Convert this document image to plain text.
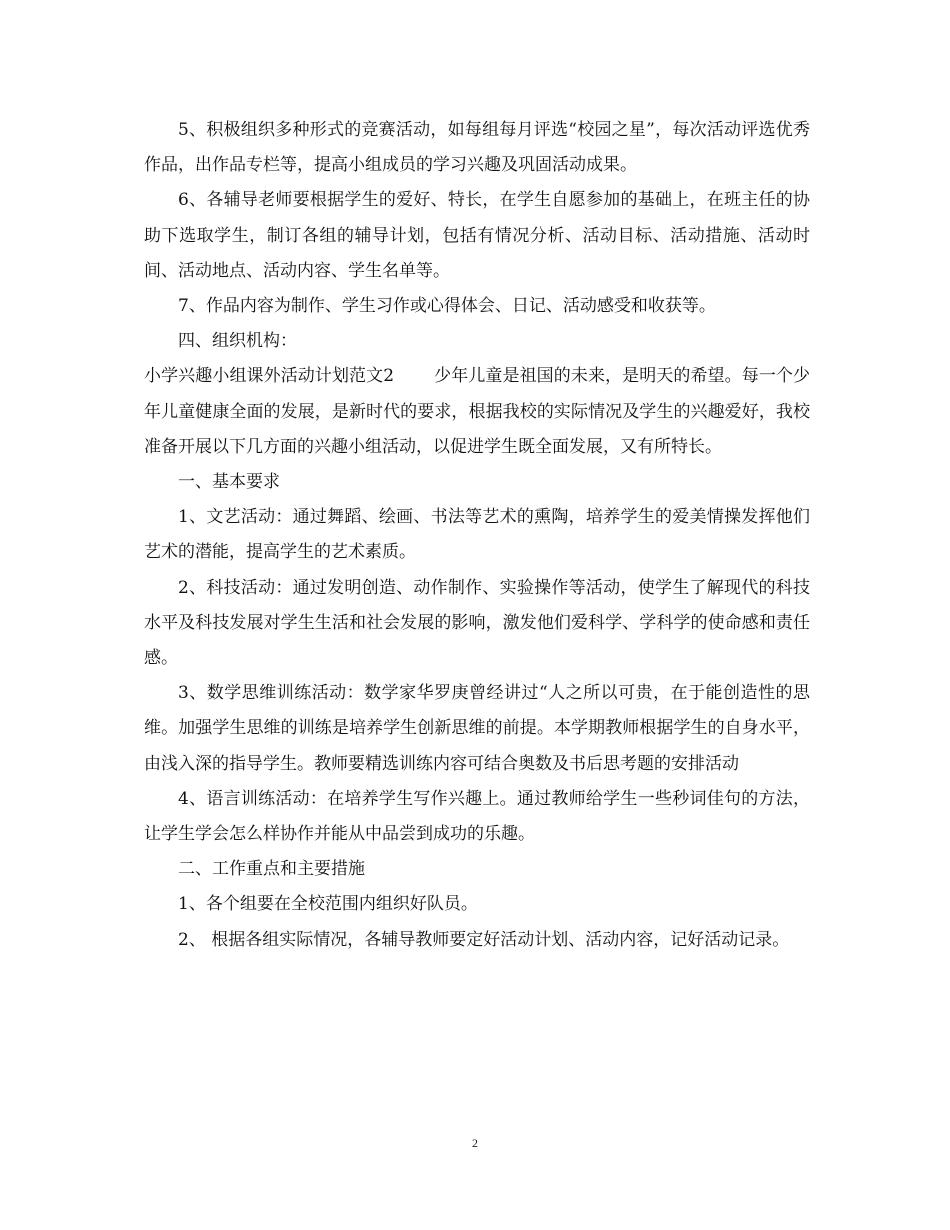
5、积极组织多种形式的竞赛活动，如每组每月评选“校园之星”，每次活动评选优秀作品，出作品专栏等，提高小组成员的学习兴趣及巩固活动成果。

6、各辅导老师要根据学生的爱好、特长，在学生自愿参加的基础上，在班主任的协助下选取学生，制订各组的辅导计划，包括有情况分析、活动目标、活动措施、活动时间、活动地点、活动内容、学生名单等。

7、作品内容为制作、学生习作或心得体会、日记、活动感受和收获等。

四、组织机构：

小学兴趣小组课外活动计划范文2 少年儿童是祖国的未来，是明天的希望。每一个少年儿童健康全面的发展，是新时代的要求，根据我校的实际情况及学生的兴趣爱好，我校准备开展以下几方面的兴趣小组活动，以促进学生既全面发展，又有所特长。

一、基本要求

1、文艺活动：通过舞蹈、绘画、书法等艺术的熏陶，培养学生的爱美情操发挥他们艺术的潜能，提高学生的艺术素质。

2、科技活动：通过发明创造、动作制作、实验操作等活动，使学生了解现代的科技水平及科技发展对学生生活和社会发展的影响，激发他们爱科学、学科学的使命感和责任感。

3、数学思维训练活动：数学家华罗庚曾经讲过“人之所以可贵，在于能创造性的思维。加强学生思维的训练是培养学生创新思维的前提。本学期教师根据学生的自身水平，由浅入深的指导学生。教师要精选训练内容可结合奥数及书后思考题的安排活动

4、语言训练活动：在培养学生写作兴趣上。通过教师给学生一些秒词佳句的方法，让学生学会怎么样协作并能从中品尝到成功的乐趣。

二、工作重点和主要措施

1、各个组要在全校范围内组织好队员。

2、 根据各组实际情况，各辅导教师要定好活动计划、活动内容，记好活动记录。

2
